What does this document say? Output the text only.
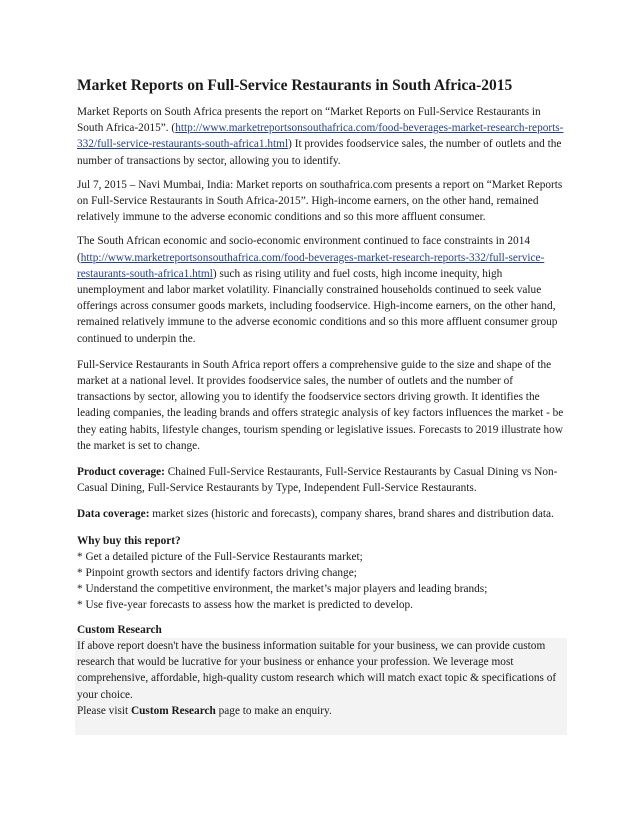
Market Reports on Full-Service Restaurants in South Africa-2015

Market Reports on South Africa presents the report on “Market Reports on Full-Service Restaurants in South Africa-2015”. (http://www.marketreportsonsouthafrica.com/food-beverages-market-research-reports-332/full-service-restaurants-south-africa1.html) It provides foodservice sales, the number of outlets and the number of transactions by sector, allowing you to identify.

Jul 7, 2015 – Navi Mumbai, India: Market reports on southafrica.com presents a report on “Market Reports on Full-Service Restaurants in South Africa-2015”. High-income earners, on the other hand, remained relatively immune to the adverse economic conditions and so this more affluent consumer.

The South African economic and socio-economic environment continued to face constraints in 2014 (http://www.marketreportsonsouthafrica.com/food-beverages-market-research-reports-332/full-service-restaurants-south-africa1.html) such as rising utility and fuel costs, high income inequity, high unemployment and labor market volatility. Financially constrained households continued to seek value offerings across consumer goods markets, including foodservice. High-income earners, on the other hand, remained relatively immune to the adverse economic conditions and so this more affluent consumer group continued to underpin the.

Full-Service Restaurants in South Africa report offers a comprehensive guide to the size and shape of the market at a national level. It provides foodservice sales, the number of outlets and the number of transactions by sector, allowing you to identify the foodservice sectors driving growth. It identifies the leading companies, the leading brands and offers strategic analysis of key factors influences the market - be they eating habits, lifestyle changes, tourism spending or legislative issues. Forecasts to 2019 illustrate how the market is set to change.

Product coverage: Chained Full-Service Restaurants, Full-Service Restaurants by Casual Dining vs Non-Casual Dining, Full-Service Restaurants by Type, Independent Full-Service Restaurants.

Data coverage: market sizes (historic and forecasts), company shares, brand shares and distribution data.

Why buy this report?

* Get a detailed picture of the Full-Service Restaurants market;

* Pinpoint growth sectors and identify factors driving change;

* Understand the competitive environment, the market’s major players and leading brands;

* Use five-year forecasts to assess how the market is predicted to develop.

Custom Research

If above report doesn't have the business information suitable for your business, we can provide custom research that would be lucrative for your business or enhance your profession. We leverage most comprehensive, affordable, high-quality custom research which will match exact topic & specifications of your choice.

Please visit Custom Research page to make an enquiry.
